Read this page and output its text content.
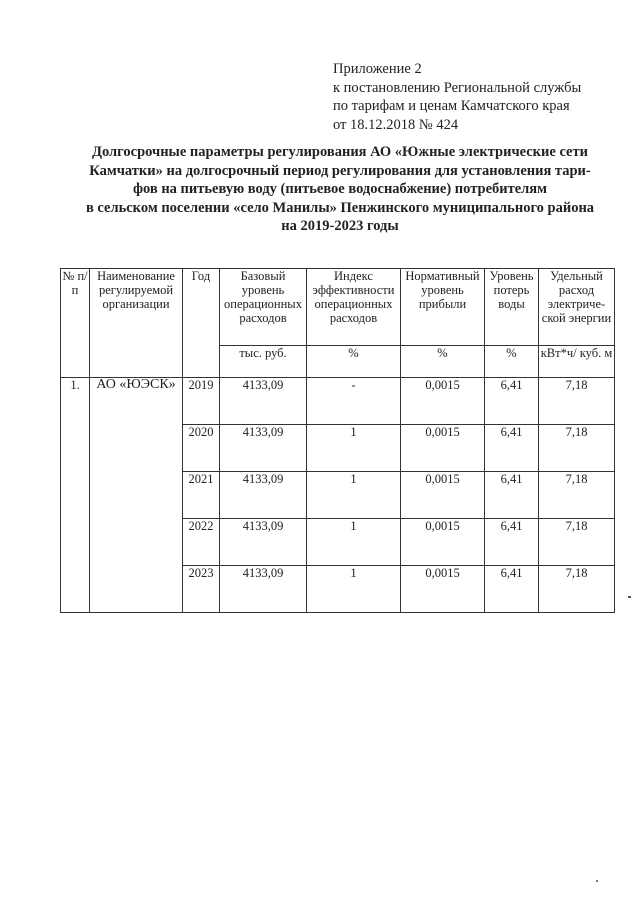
Приложение 2
к постановлению Региональной службы
по тарифам и ценам Камчатского края
от 18.12.2018 № 424
Долгосрочные параметры регулирования АО «Южные электрические сети
Камчатки» на долгосрочный период регулирования для установления тари-
фов на питьевую воду (питьевое водоснабжение) потребителям
в сельском поселении «село Манилы» Пенжинского муниципального района
на 2019-2023 годы
№ п/п	Наименование регулируемой организации	Год	Базовый уровень операционных расходов	Индекс эффективности операционных расходов	Нормативный уровень прибыли	Уровень потерь воды	Удельный расход электриче-ской энергии
			тыс. руб.	%	%	%	кВт*ч/ куб. м
1.	АО «ЮЭСК»	2019	4133,09	-	0,0015	6,41	7,18
		2020	4133,09	1	0,0015	6,41	7,18
		2021	4133,09	1	0,0015	6,41	7,18
		2022	4133,09	1	0,0015	6,41	7,18
		2023	4133,09	1	0,0015	6,41	7,18
